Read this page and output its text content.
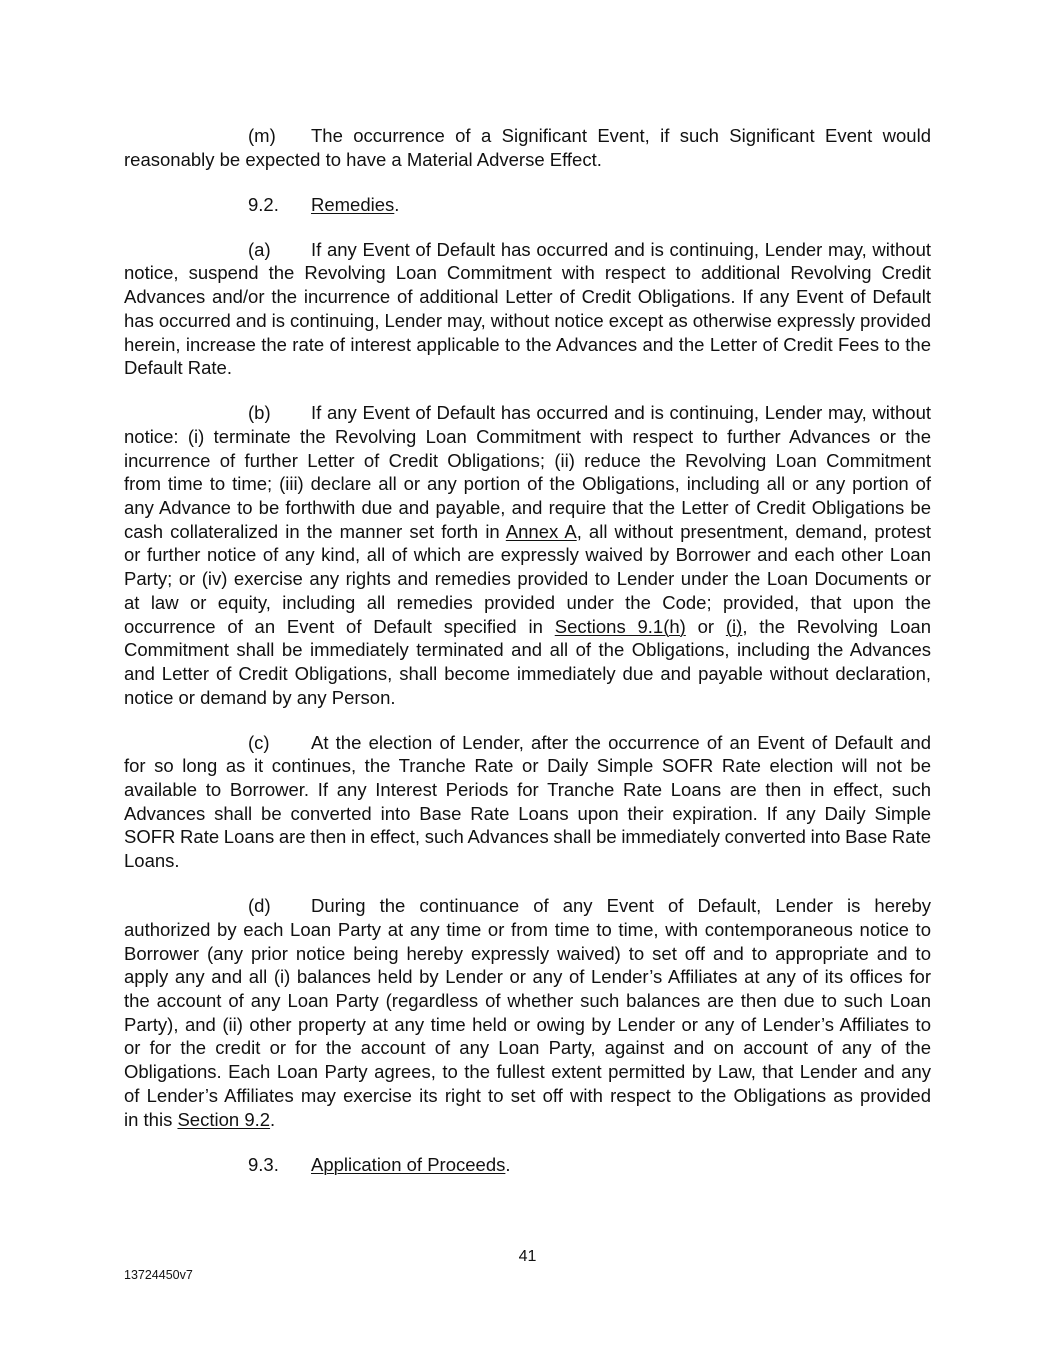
(m) The occurrence of a Significant Event, if such Significant Event would
reasonably be expected to have a Material Adverse Effect.
9.2. Remedies.
(a) If any Event of Default has occurred and is continuing, Lender may, without
notice, suspend the Revolving Loan Commitment with respect to additional Revolving Credit
Advances and/or the incurrence of additional Letter of Credit Obligations. If any Event of Default
has occurred and is continuing, Lender may, without notice except as otherwise expressly provided
herein, increase the rate of interest applicable to the Advances and the Letter of Credit Fees to the
Default Rate.
(b) If any Event of Default has occurred and is continuing, Lender may, without
notice: (i) terminate the Revolving Loan Commitment with respect to further Advances or the
incurrence of further Letter of Credit Obligations; (ii) reduce the Revolving Loan Commitment
from time to time; (iii) declare all or any portion of the Obligations, including all or any portion of
any Advance to be forthwith due and payable, and require that the Letter of Credit Obligations be
cash collateralized in the manner set forth in Annex A, all without presentment, demand, protest
or further notice of any kind, all of which are expressly waived by Borrower and each other Loan
Party; or (iv) exercise any rights and remedies provided to Lender under the Loan Documents or
at law or equity, including all remedies provided under the Code; provided, that upon the
occurrence of an Event of Default specified in Sections 9.1(h) or (i), the Revolving Loan
Commitment shall be immediately terminated and all of the Obligations, including the Advances
and Letter of Credit Obligations, shall become immediately due and payable without declaration,
notice or demand by any Person.
(c) At the election of Lender, after the occurrence of an Event of Default and
for so long as it continues, the Tranche Rate or Daily Simple SOFR Rate election will not be
available to Borrower. If any Interest Periods for Tranche Rate Loans are then in effect, such
Advances shall be converted into Base Rate Loans upon their expiration. If any Daily Simple
SOFR Rate Loans are then in effect, such Advances shall be immediately converted into Base Rate
Loans.
(d) During the continuance of any Event of Default, Lender is hereby
authorized by each Loan Party at any time or from time to time, with contemporaneous notice to
Borrower (any prior notice being hereby expressly waived) to set off and to appropriate and to
apply any and all (i) balances held by Lender or any of Lender’s Affiliates at any of its offices for
the account of any Loan Party (regardless of whether such balances are then due to such Loan
Party), and (ii) other property at any time held or owing by Lender or any of Lender’s Affiliates to
or for the credit or for the account of any Loan Party, against and on account of any of the
Obligations. Each Loan Party agrees, to the fullest extent permitted by Law, that Lender and any
of Lender’s Affiliates may exercise its right to set off with respect to the Obligations as provided
in this Section 9.2.
9.3. Application of Proceeds.
41
13724450v7
